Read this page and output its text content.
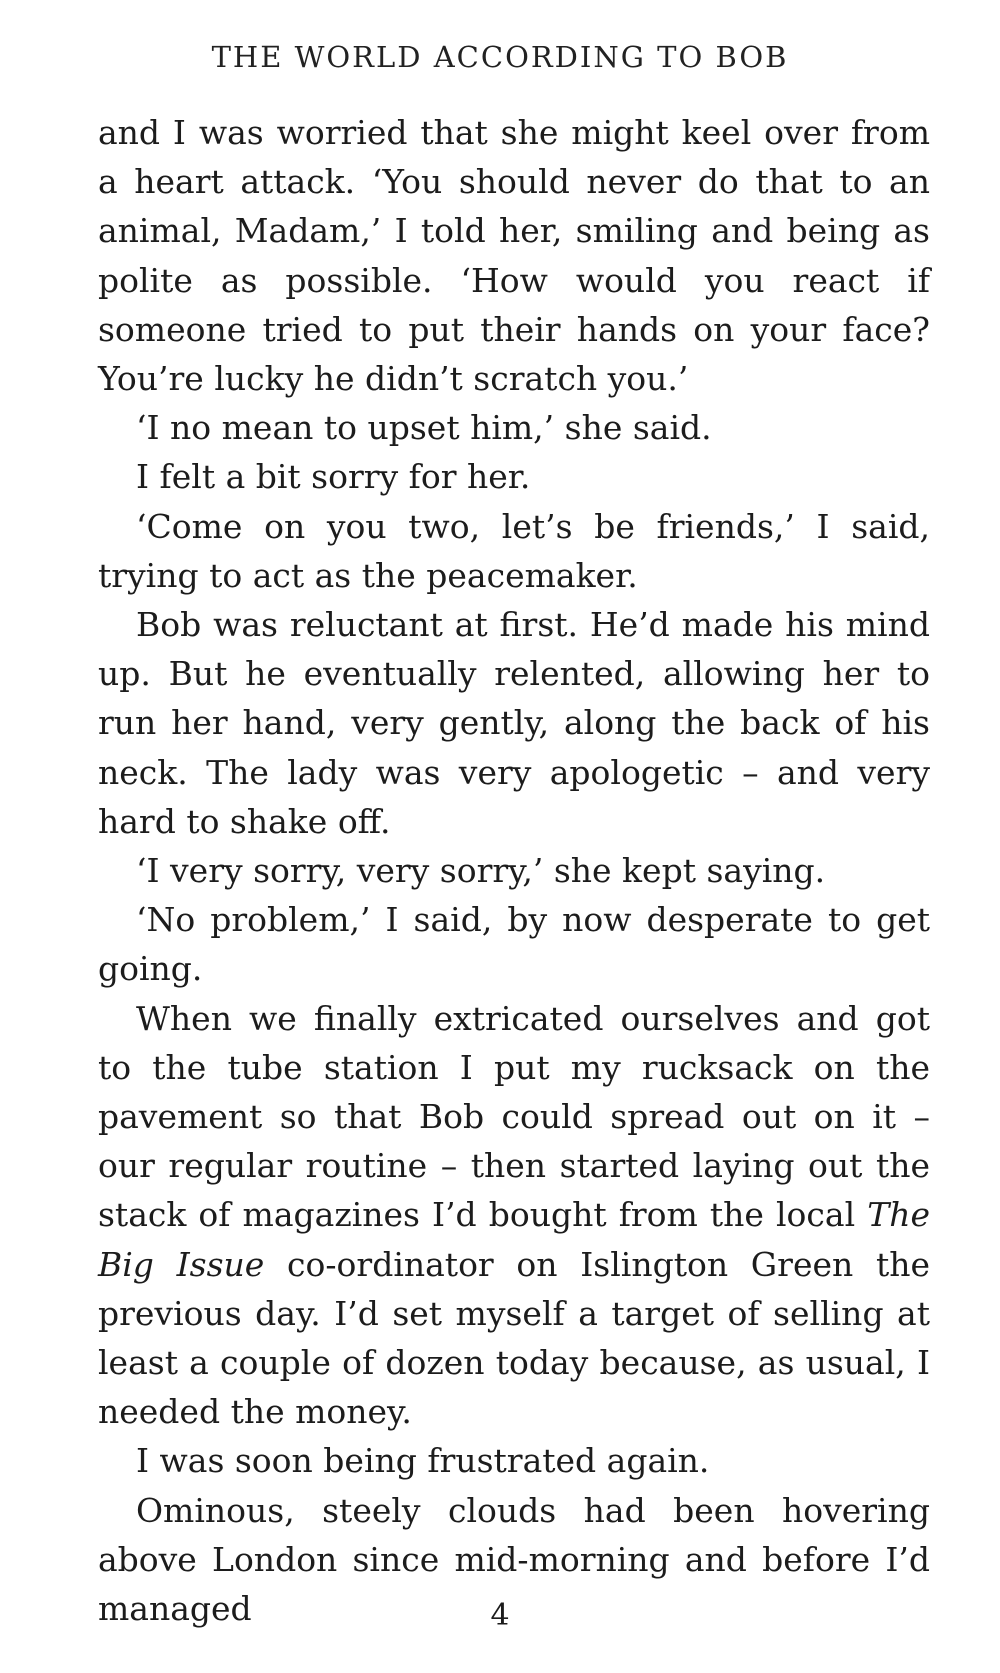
THE WORLD ACCORDING TO BOB

and I was worried that she might keel over from a heart attack. ‘You should never do that to an animal, Madam,’ I told her, smiling and being as polite as possible. ‘How would you react if someone tried to put their hands on your face? You’re lucky he didn’t scratch you.’

‘I no mean to upset him,’ she said.

I felt a bit sorry for her.

‘Come on you two, let’s be friends,’ I said, trying to act as the peacemaker.

Bob was reluctant at first. He’d made his mind up. But he eventually relented, allowing her to run her hand, very gently, along the back of his neck. The lady was very apologetic – and very hard to shake off.

‘I very sorry, very sorry,’ she kept saying.

‘No problem,’ I said, by now desperate to get going.

When we finally extricated ourselves and got to the tube station I put my rucksack on the pavement so that Bob could spread out on it – our regular routine – then started laying out the stack of magazines I’d bought from the local The Big Issue co-ordinator on Islington Green the previous day. I’d set myself a target of selling at least a couple of dozen today because, as usual, I needed the money.

I was soon being frustrated again.

Ominous, steely clouds had been hovering above London since mid-morning and before I’d managed	4
